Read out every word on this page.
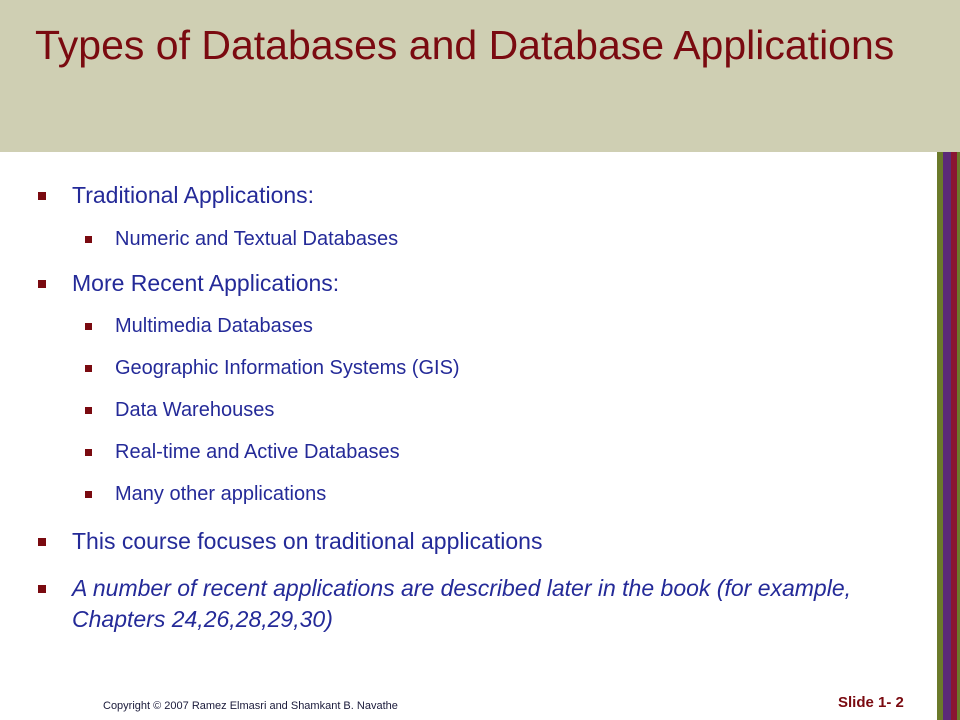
Types of Databases and Database Applications
Traditional Applications:
Numeric and Textual Databases
More Recent Applications:
Multimedia Databases
Geographic Information Systems (GIS)
Data Warehouses
Real-time and Active Databases
Many other applications
This course focuses on traditional applications
A number of recent applications are described later in the book (for example, Chapters 24,26,28,29,30)
Copyright © 2007 Ramez Elmasri and Shamkant B. Navathe	Slide 1- 2
